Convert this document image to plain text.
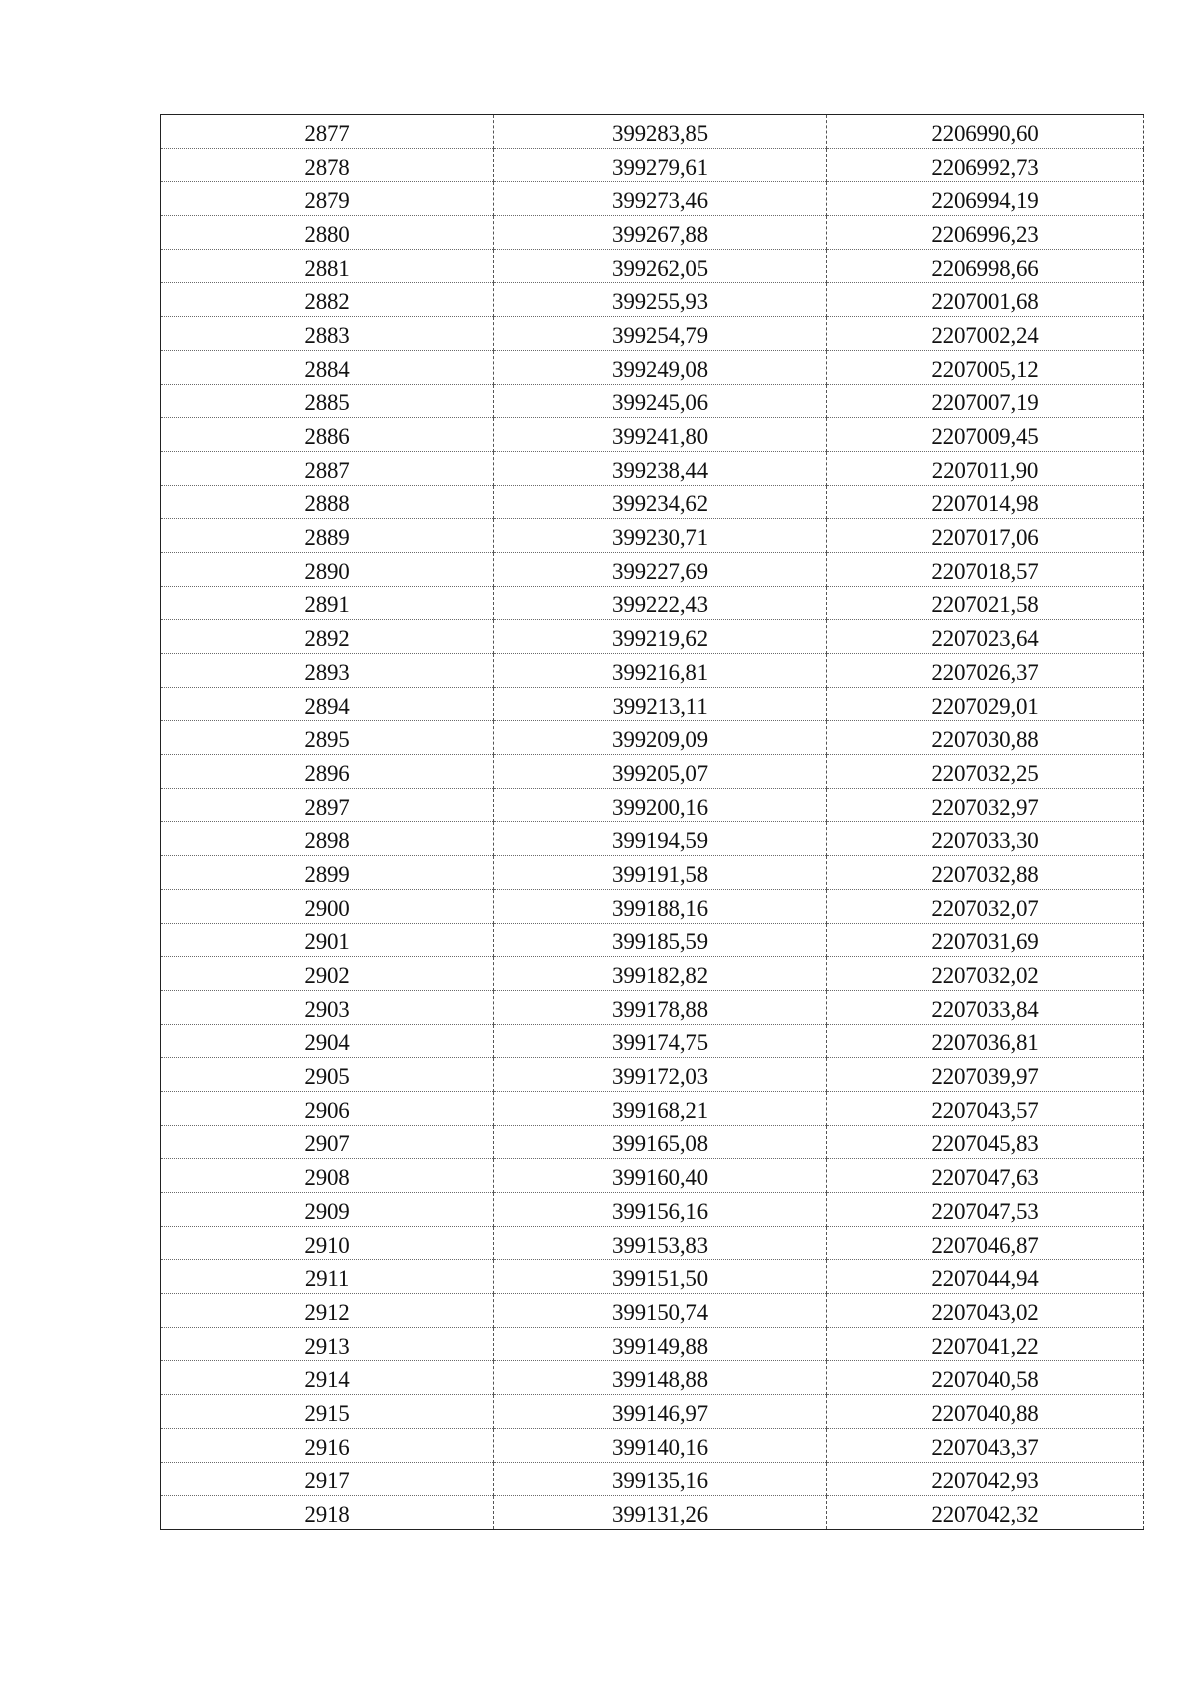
2877	399283,85	2206990,60
2878	399279,61	2206992,73
2879	399273,46	2206994,19
2880	399267,88	2206996,23
2881	399262,05	2206998,66
2882	399255,93	2207001,68
2883	399254,79	2207002,24
2884	399249,08	2207005,12
2885	399245,06	2207007,19
2886	399241,80	2207009,45
2887	399238,44	2207011,90
2888	399234,62	2207014,98
2889	399230,71	2207017,06
2890	399227,69	2207018,57
2891	399222,43	2207021,58
2892	399219,62	2207023,64
2893	399216,81	2207026,37
2894	399213,11	2207029,01
2895	399209,09	2207030,88
2896	399205,07	2207032,25
2897	399200,16	2207032,97
2898	399194,59	2207033,30
2899	399191,58	2207032,88
2900	399188,16	2207032,07
2901	399185,59	2207031,69
2902	399182,82	2207032,02
2903	399178,88	2207033,84
2904	399174,75	2207036,81
2905	399172,03	2207039,97
2906	399168,21	2207043,57
2907	399165,08	2207045,83
2908	399160,40	2207047,63
2909	399156,16	2207047,53
2910	399153,83	2207046,87
2911	399151,50	2207044,94
2912	399150,74	2207043,02
2913	399149,88	2207041,22
2914	399148,88	2207040,58
2915	399146,97	2207040,88
2916	399140,16	2207043,37
2917	399135,16	2207042,93
2918	399131,26	2207042,32
